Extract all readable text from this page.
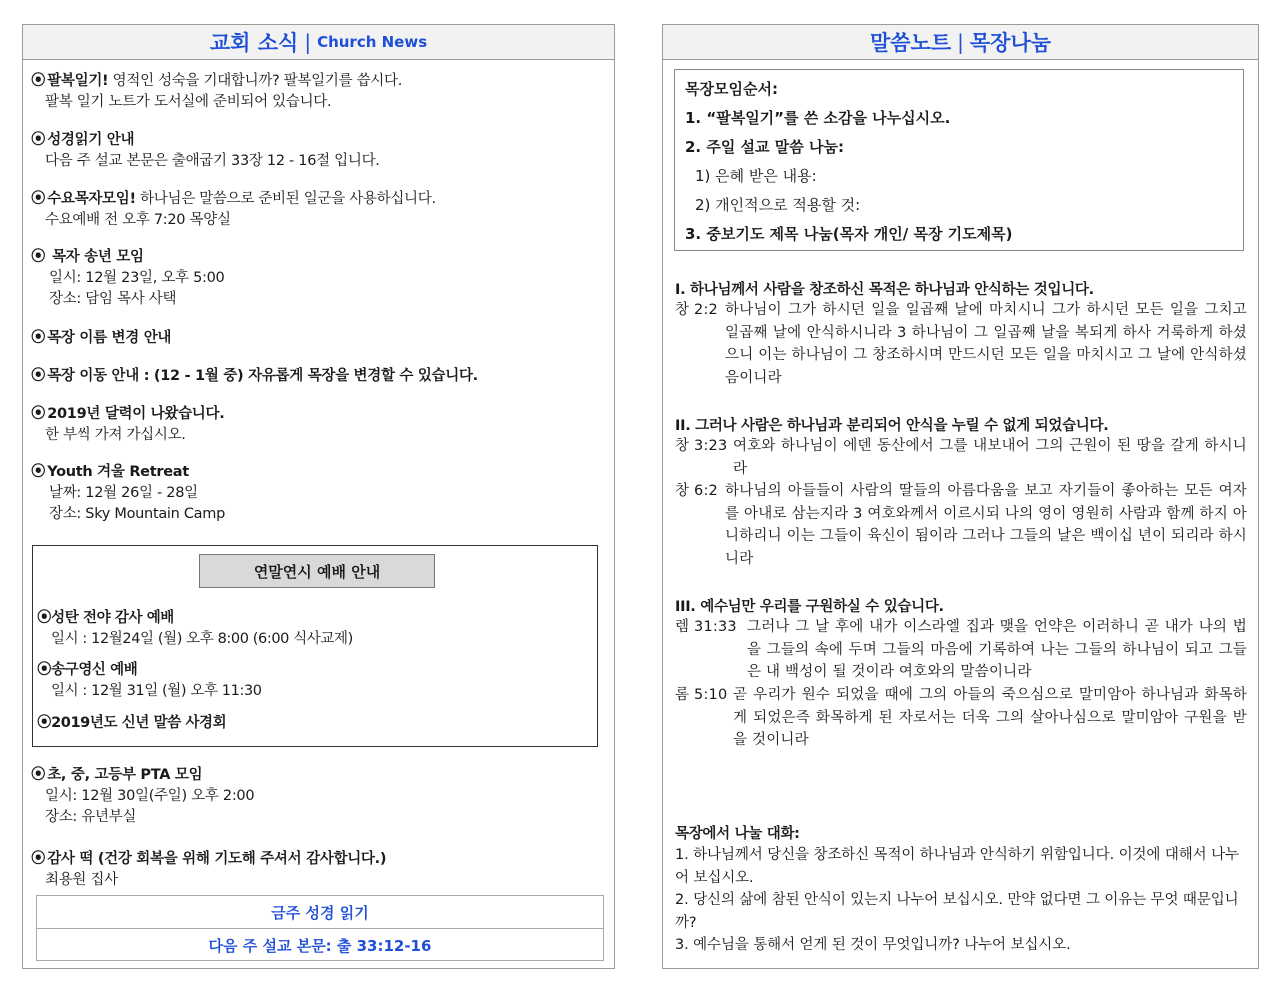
교회 소식 | Church News
⦿ 팔복일기! 영적인 성숙을 기대합니까? 팔복일기를 씁시다.
팔복 일기 노트가 도서실에 준비되어 있습니다.
⦿ 성경읽기 안내
다음 주 설교 본문은 출애굽기 33장 12 - 16절 입니다.
⦿ 수요목자모임! 하나님은 말씀으로 준비된 일군을 사용하십니다.
수요예배 전 오후 7:20 목양실
⦿ 목자 송년 모임
일시: 12월 23일, 오후 5:00
장소: 담임 목사 사택
⦿ 목장 이름 변경 안내
⦿ 목장 이동 안내 : (12 - 1월 중) 자유롭게 목장을 변경할 수 있습니다.
⦿ 2019년 달력이 나왔습니다.
한 부씩 가져 가십시오.
⦿ Youth 겨울 Retreat
날짜: 12월 26일 - 28일
장소: Sky Mountain Camp
연말연시 예배 안내
⦿성탄 전야 감사 예배
일시 : 12월24일 (월) 오후 8:00 (6:00 식사교제)
⦿송구영신 예배
일시 : 12월 31일 (월) 오후 11:30
⦿2019년도 신년 말씀 사경회
⦿ 초, 중, 고등부 PTA 모임
일시: 12월 30일(주일) 오후 2:00
장소: 유년부실
⦿ 감사 떡 (건강 회복을 위해 기도해 주셔서 감사합니다.)
최용원 집사
금주 성경 읽기
다음 주 설교 본문: 출 33:12-16
말씀노트 | 목장나눔
목장모임순서:
1. “팔복일기”를 쓴 소감을 나누십시오.
2. 주일 설교 말씀 나눔:
1) 은혜 받은 내용:
2) 개인적으로 적용할 것:
3. 중보기도 제목 나눔(목자 개인/ 목장 기도제목)
I. 하나님께서 사람을 창조하신 목적은 하나님과 안식하는 것입니다.
창 2:2 하나님이 그가 하시던 일을 일곱째 날에 마치시니 그가 하시던 모든 일을 그치고 일곱째 날에 안식하시니라 3 하나님이 그 일곱째 날을 복되게 하사 거룩하게 하셨으니 이는 하나님이 그 창조하시며 만드시던 모든 일을 마치시고 그 날에 안식하셨음이니라
II. 그러나 사람은 하나님과 분리되어 안식을 누릴 수 없게 되었습니다.
창 3:23 여호와 하나님이 에덴 동산에서 그를 내보내어 그의 근원이 된 땅을 갈게 하시니라
창 6:2 하나님의 아들들이 사람의 딸들의 아름다움을 보고 자기들이 좋아하는 모든 여자를 아내로 삼는지라 3 여호와께서 이르시되 나의 영이 영원히 사람과 함께 하지 아니하리니 이는 그들이 육신이 됨이라 그러나 그들의 날은 백이십 년이 되리라 하시니라
III. 예수님만 우리를 구원하실 수 있습니다.
렘 31:33 그러나 그 날 후에 내가 이스라엘 집과 맺을 언약은 이러하니 곧 내가 나의 법을 그들의 속에 두며 그들의 마음에 기록하여 나는 그들의 하나님이 되고 그들은 내 백성이 될 것이라 여호와의 말씀이니라
롬 5:10 곧 우리가 원수 되었을 때에 그의 아들의 죽으심으로 말미암아 하나님과 화목하게 되었은즉 화목하게 된 자로서는 더욱 그의 살아나심으로 말미암아 구원을 받을 것이니라
목장에서 나눌 대화:
1. 하나님께서 당신을 창조하신 목적이 하나님과 안식하기 위함입니다. 이것에 대해서 나누어 보십시오.
2. 당신의 삶에 참된 안식이 있는지 나누어 보십시오. 만약 없다면 그 이유는 무엇 때문입니까?
3. 예수님을 통해서 얻게 된 것이 무엇입니까? 나누어 보십시오.
